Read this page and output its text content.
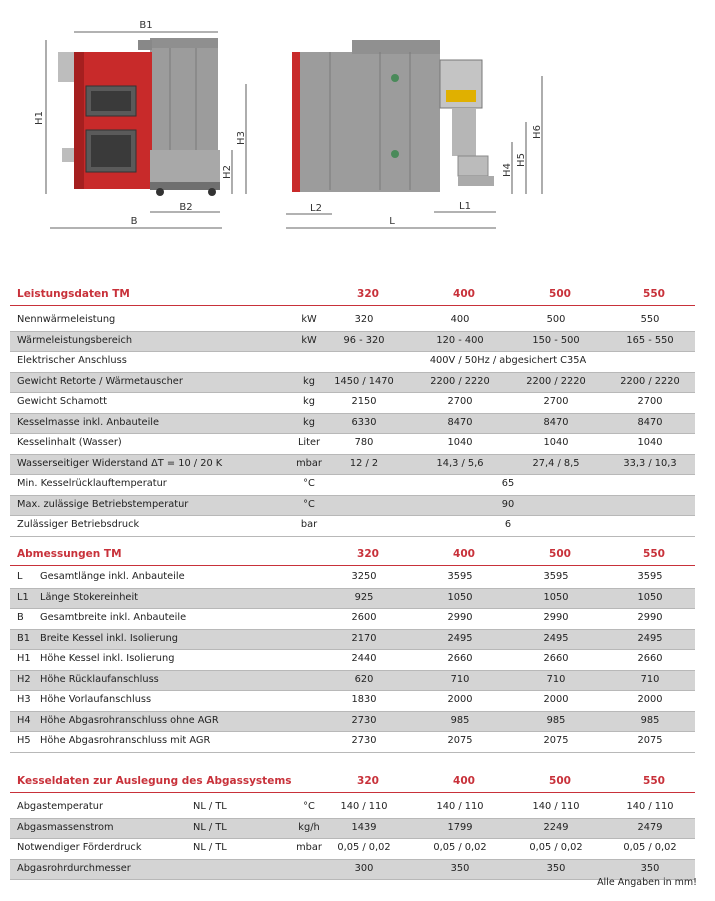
B1
H1
H3
H2
B2
B
L2
L
L1
H4
H5
H6
Leistungsdaten TM	320	400	500	550
Nennwärmeleistung	kW	320	400	500	550
Wärmeleistungsbereich	kW	96 - 320	120 - 400	150 - 500	165 - 550
Elektrischer Anschluss	400V / 50Hz / abgesichert C35A
Gewicht Retorte / Wärmetauscher	kg	1450 / 1470	2200 / 2220	2200 / 2220	2200 / 2220
Gewicht Schamott	kg	2150	2700	2700	2700
Kesselmasse inkl. Anbauteile	kg	6330	8470	8470	8470
Kesselinhalt (Wasser)	Liter	780	1040	1040	1040
Wasserseitiger Widerstand ΔT = 10 / 20 K	mbar	12 / 2	14,3 / 5,6	27,4 / 8,5	33,3 / 10,3
Min. Kesselrücklauftemperatur	°C	65
Max. zulässige Betriebstemperatur	°C	90
Zulässiger Betriebsdruck	bar	6
Abmessungen TM	320	400	500	550
L Gesamtlänge inkl. Anbauteile	3250	3595	3595	3595
L1 Länge Stokereinheit	925	1050	1050	1050
B Gesamtbreite inkl. Anbauteile	2600	2990	2990	2990
B1 Breite Kessel inkl. Isolierung	2170	2495	2495	2495
H1 Höhe Kessel inkl. Isolierung	2440	2660	2660	2660
H2 Höhe Rücklaufanschluss	620	710	710	710
H3 Höhe Vorlaufanschluss	1830	2000	2000	2000
H4 Höhe Abgasrohranschluss ohne AGR	2730	985	985	985
H5 Höhe Abgasrohranschluss mit AGR	2730	2075	2075	2075
Kesseldaten zur Auslegung des Abgassystems	320	400	500	550
Abgastemperatur	NL / TL	°C	140 / 110	140 / 110	140 / 110	140 / 110
Abgasmassenstrom	NL / TL	kg/h	1439	1799	2249	2479
Notwendiger Förderdruck	NL / TL	mbar	0,05 / 0,02	0,05 / 0,02	0,05 / 0,02	0,05 / 0,02
Abgasrohrdurchmesser	300	350	350	350
Alle Angaben in mm!
